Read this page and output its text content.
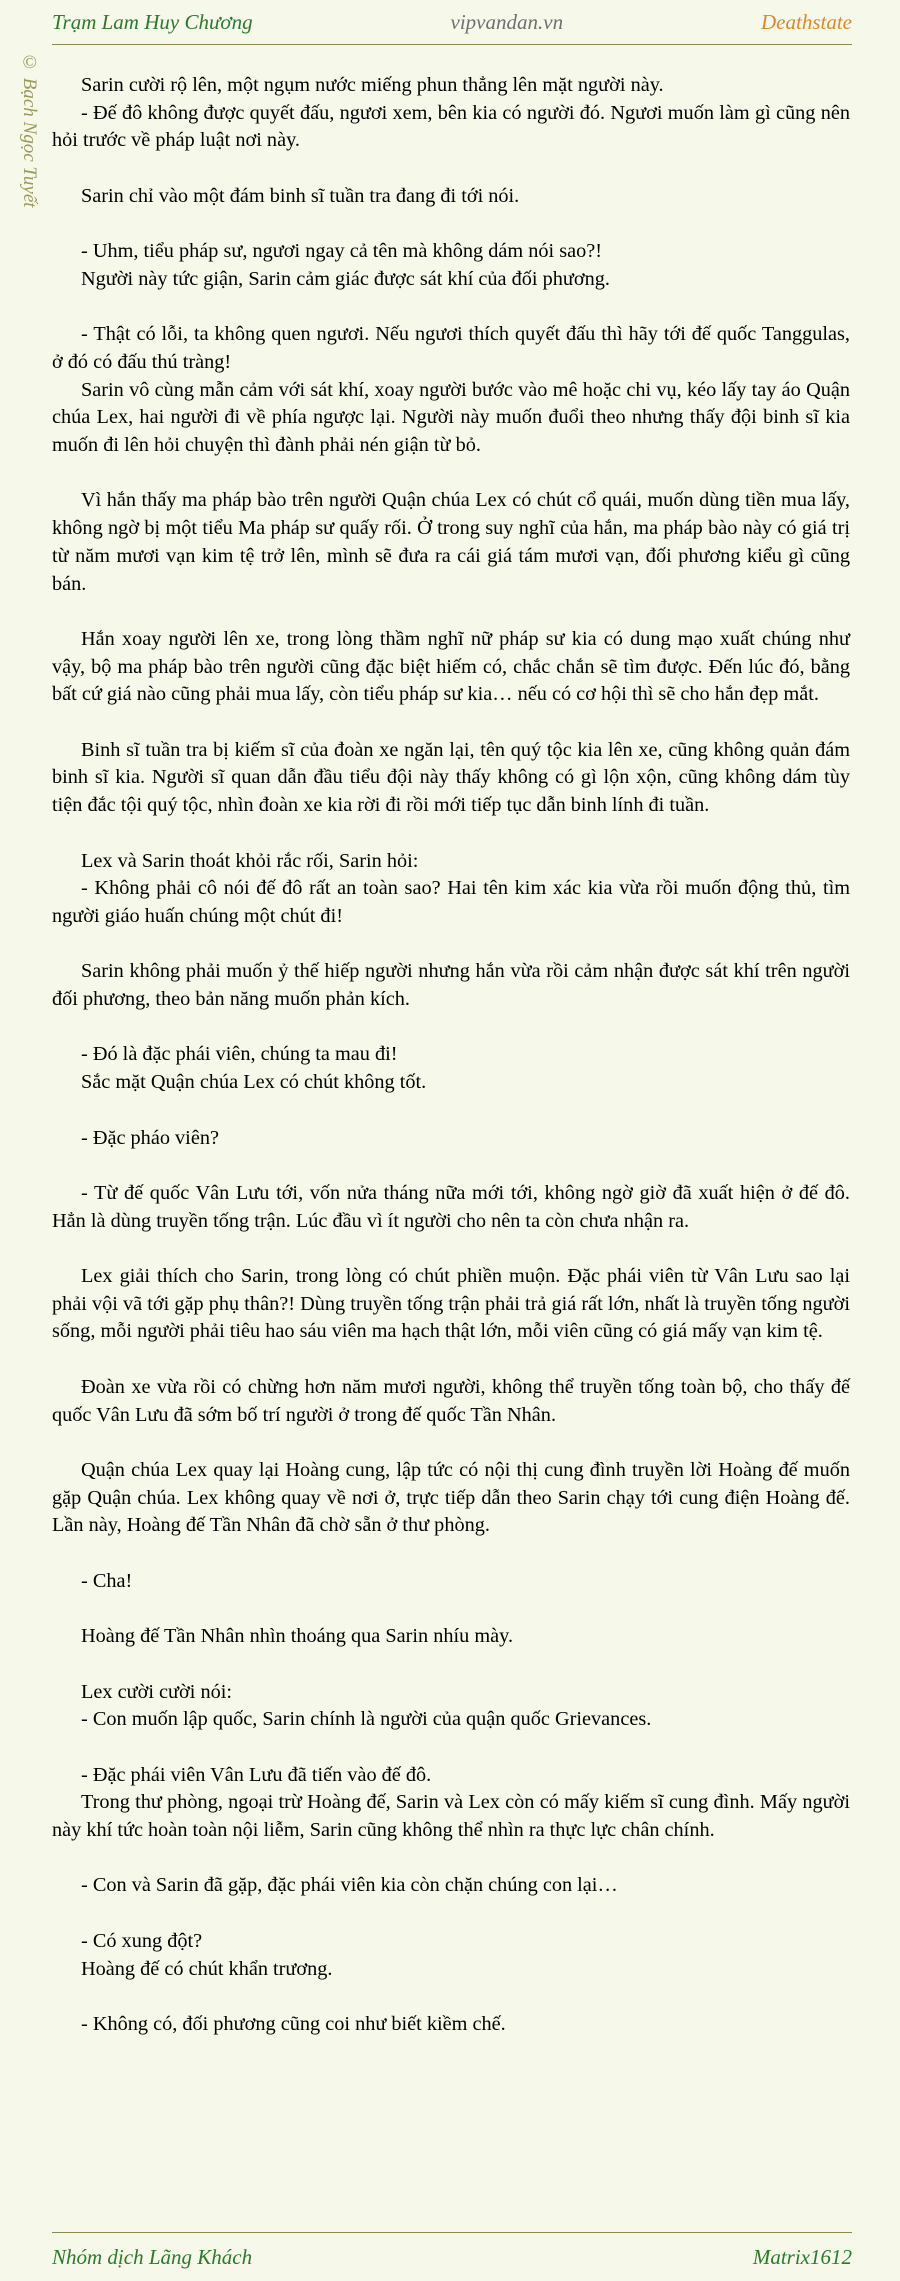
Trạm Lam Huy Chương	vipvandan.vn	Deathstate
© Bạch Ngọc Tuyết	Sarin cười rộ lên, một ngụm nước miếng phun thẳng lên mặt người này.

- Đế đô không được quyết đấu, ngươi xem, bên kia có người đó. Ngươi muốn làm gì cũng nên hỏi trước về pháp luật nơi này.

Sarin chỉ vào một đám binh sĩ tuần tra đang đi tới nói.

- Uhm, tiểu pháp sư, ngươi ngay cả tên mà không dám nói sao?!

Người này tức giận, Sarin cảm giác được sát khí của đối phương.

- Thật có lỗi, ta không quen ngươi. Nếu ngươi thích quyết đấu thì hãy tới đế quốc Tanggulas, ở đó có đấu thú tràng!

Sarin vô cùng mẫn cảm với sát khí, xoay người bước vào mê hoặc chi vụ, kéo lấy tay áo Quận chúa Lex, hai người đi về phía ngược lại. Người này muốn đuổi theo nhưng thấy đội binh sĩ kia muốn đi lên hỏi chuyện thì đành phải nén giận từ bỏ.

Vì hắn thấy ma pháp bào trên người Quận chúa Lex có chút cổ quái, muốn dùng tiền mua lấy, không ngờ bị một tiểu Ma pháp sư quấy rối. Ở trong suy nghĩ của hắn, ma pháp bào này có giá trị từ năm mươi vạn kim tệ trở lên, mình sẽ đưa ra cái giá tám mươi vạn, đối phương kiểu gì cũng bán.

Hắn xoay người lên xe, trong lòng thầm nghĩ nữ pháp sư kia có dung mạo xuất chúng như vậy, bộ ma pháp bào trên người cũng đặc biệt hiếm có, chắc chắn sẽ tìm được. Đến lúc đó, bằng bất cứ giá nào cũng phải mua lấy, còn tiểu pháp sư kia… nếu có cơ hội thì sẽ cho hắn đẹp mắt.

Binh sĩ tuần tra bị kiếm sĩ của đoàn xe ngăn lại, tên quý tộc kia lên xe, cũng không quản đám binh sĩ kia. Người sĩ quan dẫn đầu tiểu đội này thấy không có gì lộn xộn, cũng không dám tùy tiện đắc tội quý tộc, nhìn đoàn xe kia rời đi rồi mới tiếp tục dẫn binh lính đi tuần.

Lex và Sarin thoát khỏi rắc rối, Sarin hỏi:

- Không phải cô nói đế đô rất an toàn sao? Hai tên kim xác kia vừa rồi muốn động thủ, tìm người giáo huấn chúng một chút đi!

Sarin không phải muốn ỷ thế hiếp người nhưng hắn vừa rồi cảm nhận được sát khí trên người đối phương, theo bản năng muốn phản kích.

- Đó là đặc phái viên, chúng ta mau đi!

Sắc mặt Quận chúa Lex có chút không tốt.

- Đặc pháo viên?

- Từ đế quốc Vân Lưu tới, vốn nửa tháng nữa mới tới, không ngờ giờ đã xuất hiện ở đế đô. Hẳn là dùng truyền tống trận. Lúc đầu vì ít người cho nên ta còn chưa nhận ra.

Lex giải thích cho Sarin, trong lòng có chút phiền muộn. Đặc phái viên từ Vân Lưu sao lại phải vội vã tới gặp phụ thân?! Dùng truyền tống trận phải trả giá rất lớn, nhất là truyền tống người sống, mỗi người phải tiêu hao sáu viên ma hạch thật lớn, mỗi viên cũng có giá mấy vạn kim tệ.

Đoàn xe vừa rồi có chừng hơn năm mươi người, không thể truyền tống toàn bộ, cho thấy đế quốc Vân Lưu đã sớm bố trí người ở trong đế quốc Tần Nhân.

Quận chúa Lex quay lại Hoàng cung, lập tức có nội thị cung đình truyền lời Hoàng đế muốn gặp Quận chúa. Lex không quay về nơi ở, trực tiếp dẫn theo Sarin chạy tới cung điện Hoàng đế. Lần này, Hoàng đế Tần Nhân đã chờ sẵn ở thư phòng.

- Cha!

Hoàng đế Tần Nhân nhìn thoáng qua Sarin nhíu mày.

Lex cười cười nói:

- Con muốn lập quốc, Sarin chính là người của quận quốc Grievances.

- Đặc phái viên Vân Lưu đã tiến vào đế đô.

Trong thư phòng, ngoại trừ Hoàng đế, Sarin và Lex còn có mấy kiếm sĩ cung đình. Mấy người này khí tức hoàn toàn nội liễm, Sarin cũng không thể nhìn ra thực lực chân chính.

- Con và Sarin đã gặp, đặc phái viên kia còn chặn chúng con lại…

- Có xung đột?

Hoàng đế có chút khẩn trương.

- Không có, đối phương cũng coi như biết kiềm chế.

Nhóm dịch Lãng Khách	Matrix1612
